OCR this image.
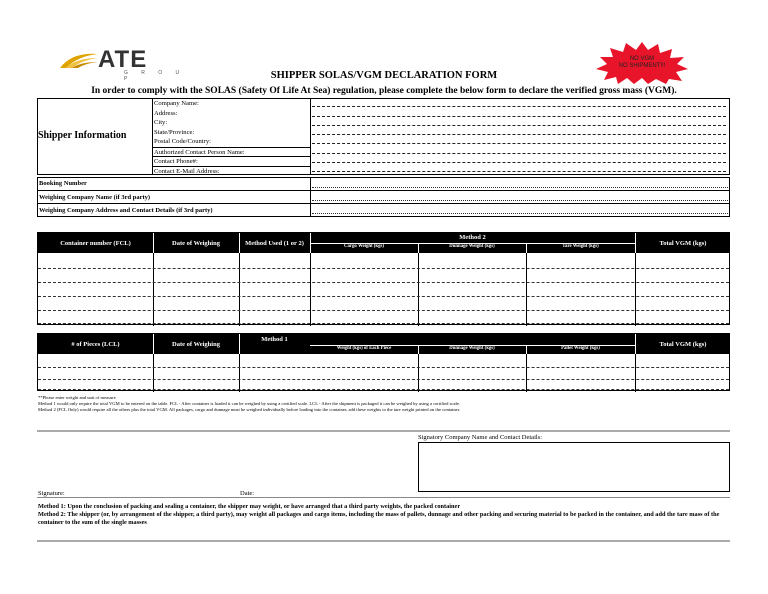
ATE
G R O U P
NO VGM
NO SHIPMENT!!!
SHIPPER SOLAS/VGM DECLARATION FORM
In order to comply with the SOLAS (Safety Of Life At Sea) regulation, please complete the below form to declare the verified gross mass (VGM).
Shipper Information
Company Name:
Address:
City:
State/Province:
Postal Code/Country:
Authorized Contact Person Name:
Contact Phone#:
Contact E-Mail Address:
Booking Number
Weighing Company Name (if 3rd party)
Weighing Company Address and Contact Details (if 3rd party)
Container number (FCL)	Date of Weighing	Method Used (1 or 2)
Method 2
Cargo Weight (kgs)	Dunnage Weight (kgs)	Tare Weight (kgs)	Total VGM (kgs)
# of Pieces (LCL)	Date of Weighing
Method 1
Weight (kgs) of Each Piece	Dunnage Weight (kgs)	Pallet Weight (kgs)
Total VGM (kgs)
**Please enter weight and unit of measure
Method 1 would only require the total VGM to be entered on the table. FCL - After container is loaded it can be weighed by using a certified scale. LCL - After the shipment is packaged it can be weighed by using a certified scale.
Method 2 (FCL Only) would require all the others plus the total VGM. All packages, cargo and dunnage must be weighed individually before loading into the container, add these weights to the tare weight printed on the container.
Signatory Company Name and Contact Details:
Signature:	Date:
Method 1: Upon the conclusion of packing and sealing a container, the shipper may weight, or have arranged that a third party weights, the packed container
Method 2: The shipper (or, by arrangement of the shipper, a third party), may weight all packages and cargo items, including the mass of pallets, dunnage and other packing and securing material to be packed in the container, and add the tare mass of the container to the sum of the single masses
